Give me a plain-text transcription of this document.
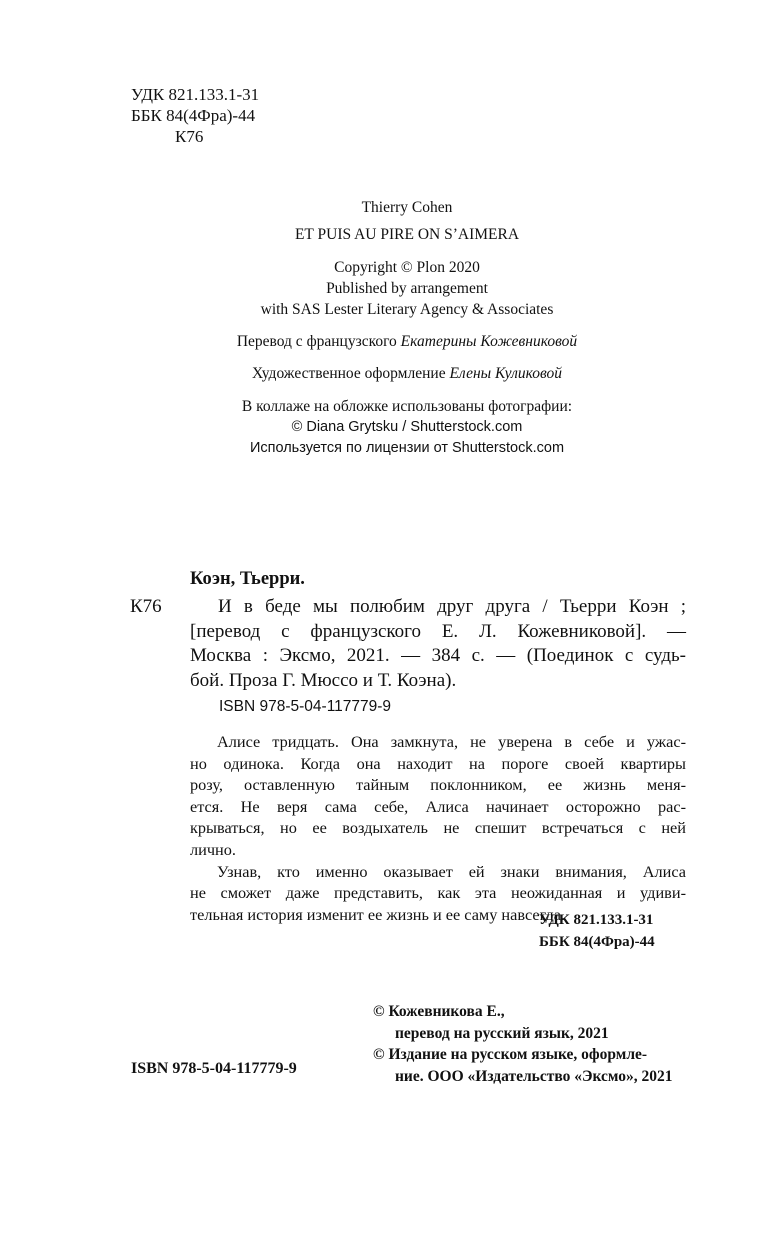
УДК 821.133.1-31
ББК 84(4Фра)-44
К76
Thierry Cohen
ET PUIS AU PIRE ON S’AIMERA
Copyright © Plon 2020
Published by arrangement
with SAS Lester Literary Agency & Associates
Перевод с французского Екатерины Кожевниковой
Художественное оформление Елены Куликовой
В коллаже на обложке использованы фотографии:
© Diana Grytsku / Shutterstock.com
Используется по лицензии от Shutterstock.com
Коэн, Тьерри.
К76	И в беде мы полюбим друг друга / Тьерри Коэн ;
[перевод с французского Е. Л. Кожевниковой]. —
Москва : Эксмо, 2021. — 384 с. — (Поединок с судь-
бой. Проза Г. Мюссо и Т. Коэна).
ISBN 978-5-04-117779-9
Алисе тридцать. Она замкнута, не уверена в себе и ужас-
но одинока. Когда она находит на пороге своей квартиры
розу, оставленную тайным поклонником, ее жизнь меня-
ется. Не веря сама себе, Алиса начинает осторожно рас-
крываться, но ее воздыхатель не спешит встречаться с ней
лично.
Узнав, кто именно оказывает ей знаки внимания, Алиса
не сможет даже представить, как эта неожиданная и удиви-
тельная история изменит ее жизнь и ее саму навсегда.
УДК 821.133.1-31
ББК 84(4Фра)-44
© Кожевникова Е.,
перевод на русский язык, 2021
© Издание на русском языке, оформле-
ние. ООО «Издательство «Эксмо», 2021
ISBN 978-5-04-117779-9
